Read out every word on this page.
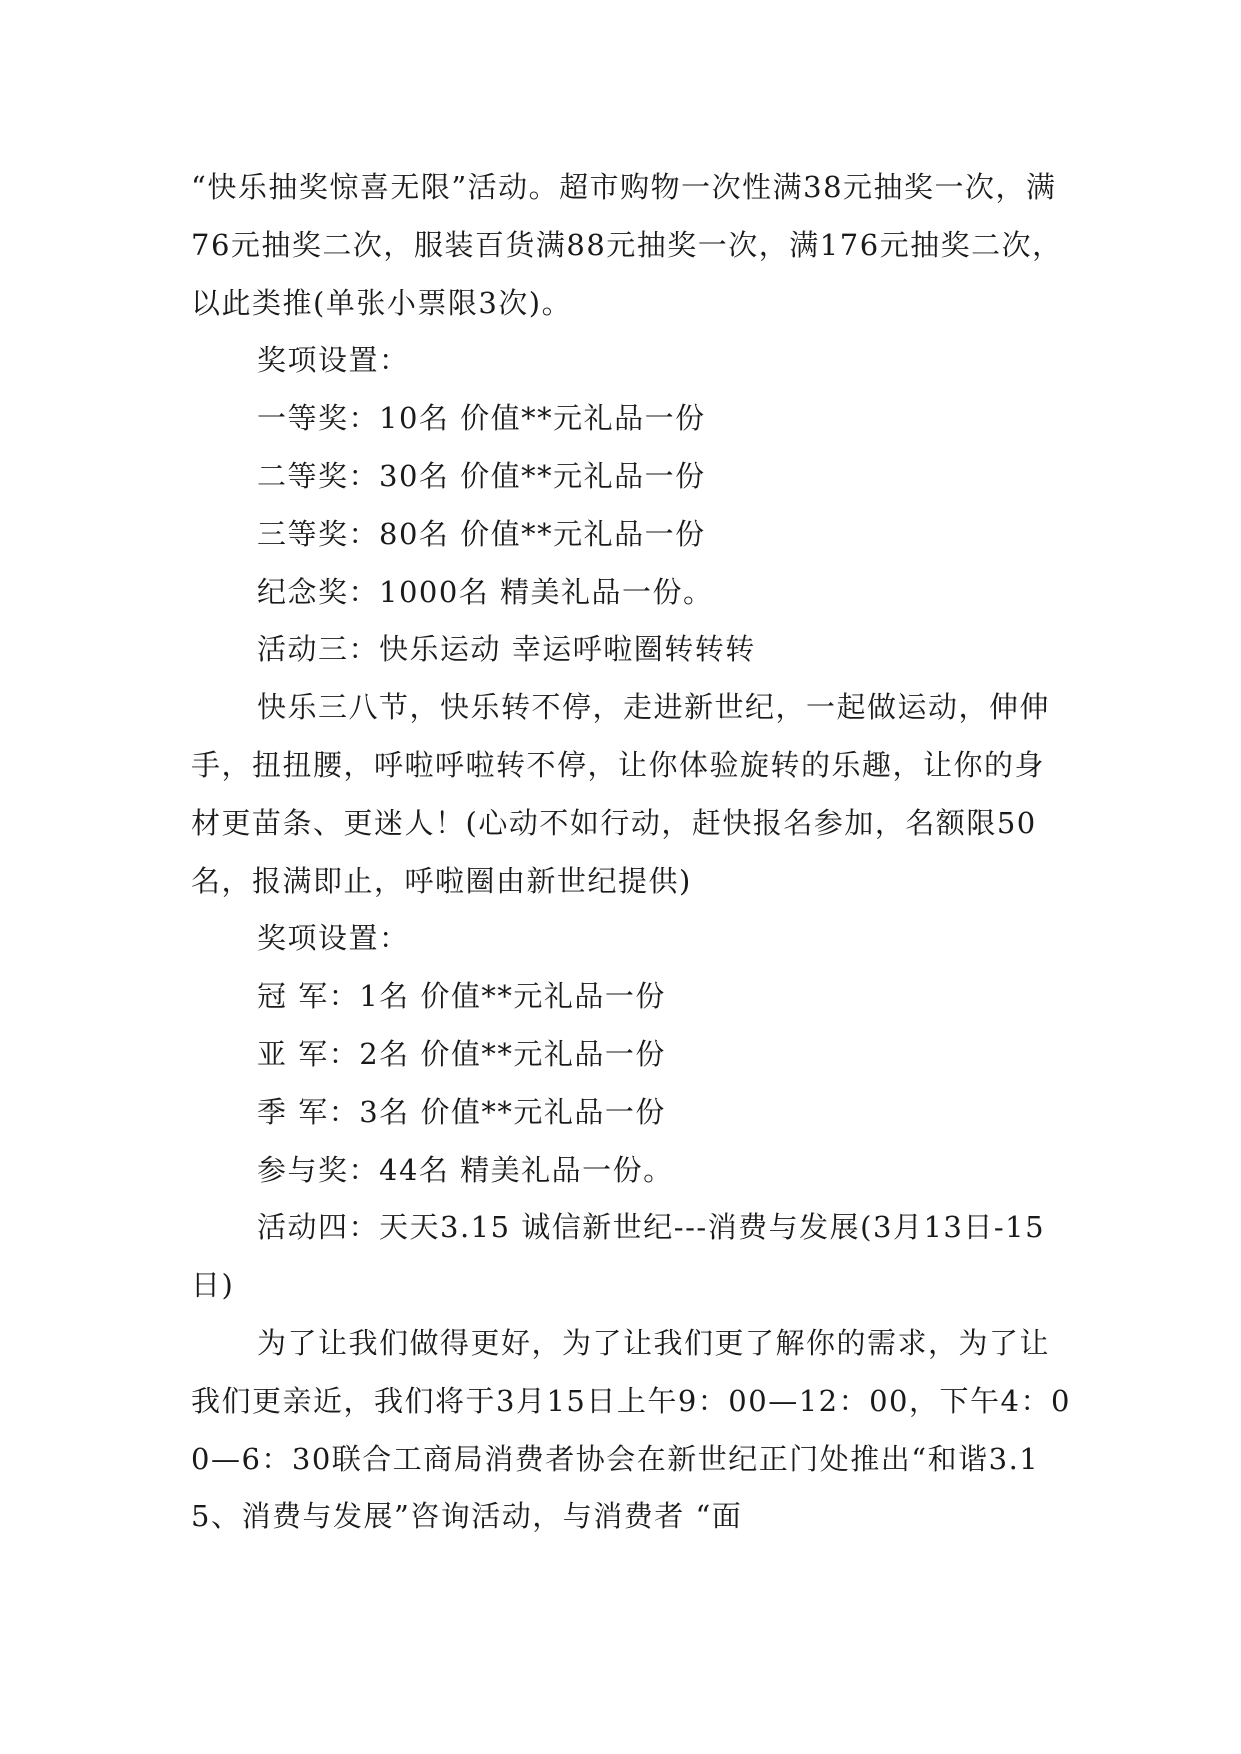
“快乐抽奖惊喜无限”活动。超市购物一次性满38元抽奖一次，满76元抽奖二次，服装百货满88元抽奖一次，满176元抽奖二次，以此类推(单张小票限3次)。

奖项设置：

一等奖：10名 价值**元礼品一份

二等奖：30名 价值**元礼品一份

三等奖：80名 价值**元礼品一份

纪念奖：1000名 精美礼品一份。

活动三：快乐运动 幸运呼啦圈转转转

快乐三八节，快乐转不停，走进新世纪，一起做运动，伸伸手，扭扭腰，呼啦呼啦转不停，让你体验旋转的乐趣，让你的身材更苗条、更迷人！(心动不如行动，赶快报名参加，名额限50名，报满即止，呼啦圈由新世纪提供)

奖项设置：

冠 军：1名 价值**元礼品一份

亚 军：2名 价值**元礼品一份

季 军：3名 价值**元礼品一份

参与奖：44名 精美礼品一份。

活动四：天天3.15 诚信新世纪---消费与发展(3月13日-15日)

为了让我们做得更好，为了让我们更了解你的需求，为了让我们更亲近，我们将于3月15日上午9：00—12：00，下午4：00—6：30联合工商局消费者协会在新世纪正门处推出“和谐3.15、消费与发展”咨询活动，与消费者 “面
